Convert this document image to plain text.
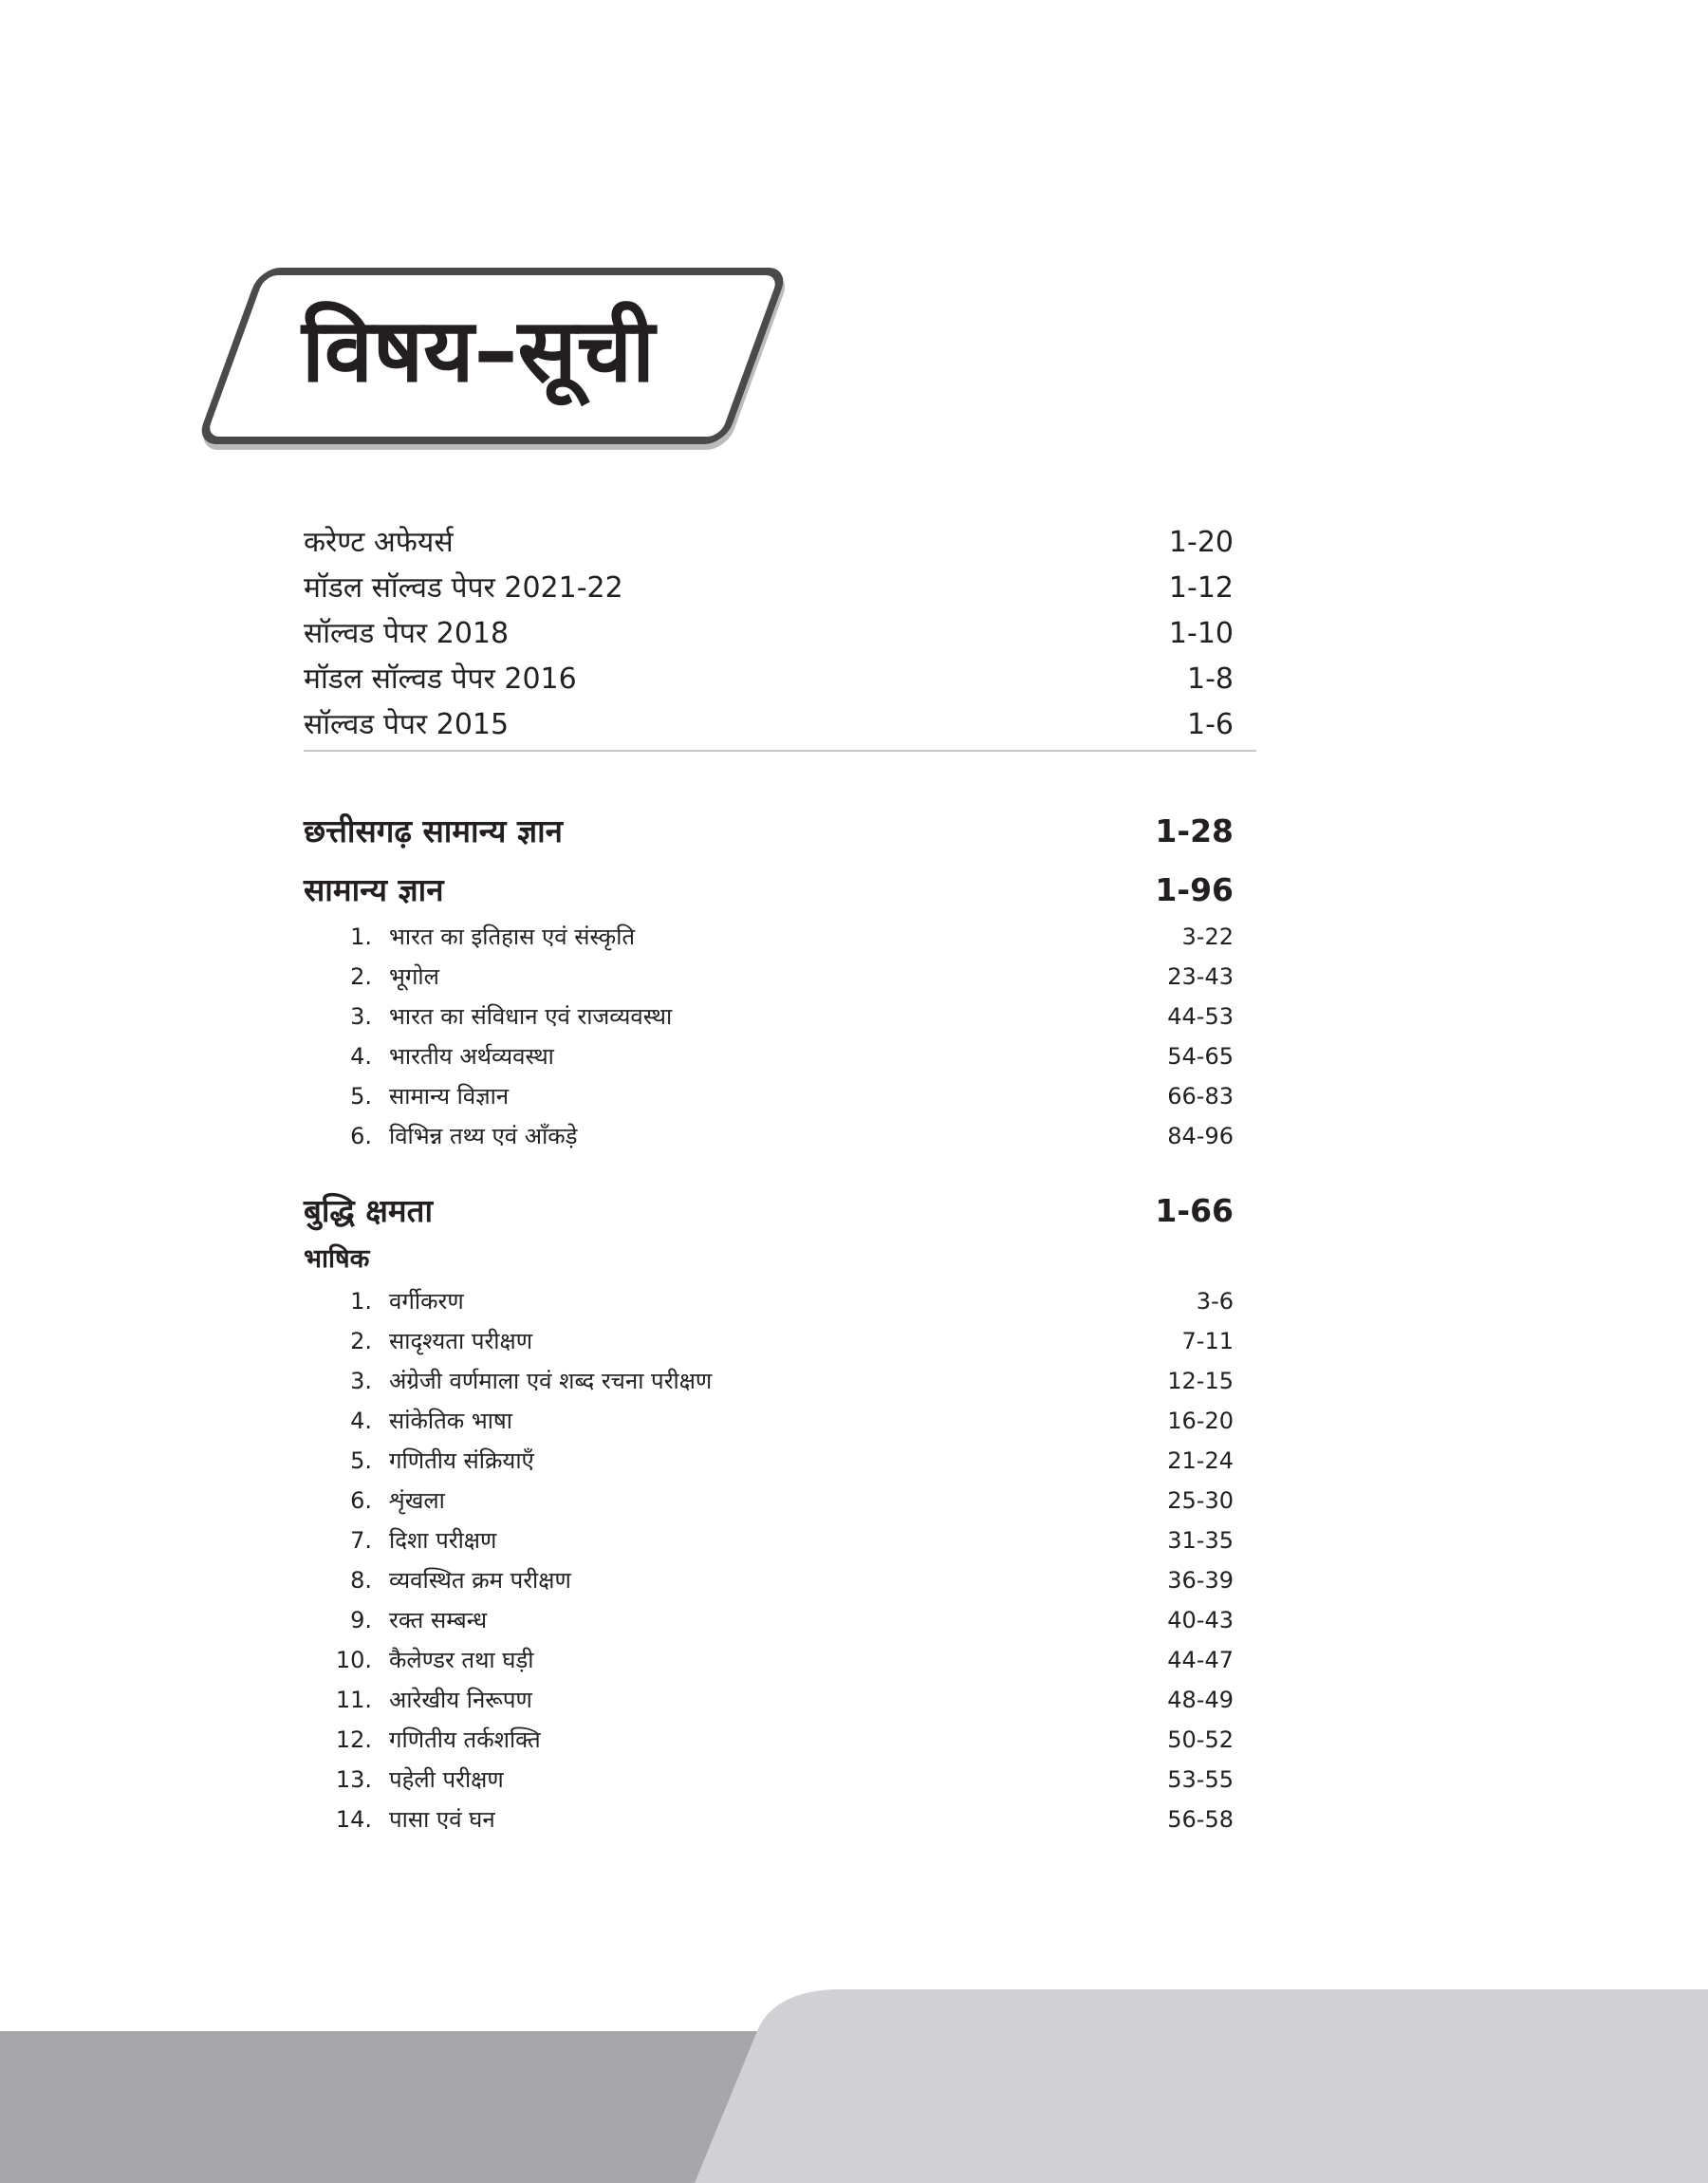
विषय–सूची
करेण्ट अफेयर्स	1-20
मॉडल सॉल्वड पेपर 2021-22	1-12
सॉल्वड पेपर 2018	1-10
मॉडल सॉल्वड पेपर 2016	1-8
सॉल्वड पेपर 2015	1-6
छत्तीसगढ़ सामान्य ज्ञान	1-28
सामान्य ज्ञान	1-96
1. भारत का इतिहास एवं संस्कृति	3-22
2. भूगोल	23-43
3. भारत का संविधान एवं राजव्यवस्था	44-53
4. भारतीय अर्थव्यवस्था	54-65
5. सामान्य विज्ञान	66-83
6. विभिन्न तथ्य एवं आँकड़े	84-96
बुद्धि क्षमता	1-66
भाषिक
1. वर्गीकरण	3-6
2. सादृश्यता परीक्षण	7-11
3. अंग्रेजी वर्णमाला एवं शब्द रचना परीक्षण	12-15
4. सांकेतिक भाषा	16-20
5. गणितीय संक्रियाएँ	21-24
6. शृंखला	25-30
7. दिशा परीक्षण	31-35
8. व्यवस्थित क्रम परीक्षण	36-39
9. रक्त सम्बन्ध	40-43
10. कैलेण्डर तथा घड़ी	44-47
11. आरेखीय निरूपण	48-49
12. गणितीय तर्कशक्ति	50-52
13. पहेली परीक्षण	53-55
14. पासा एवं घन	56-58
